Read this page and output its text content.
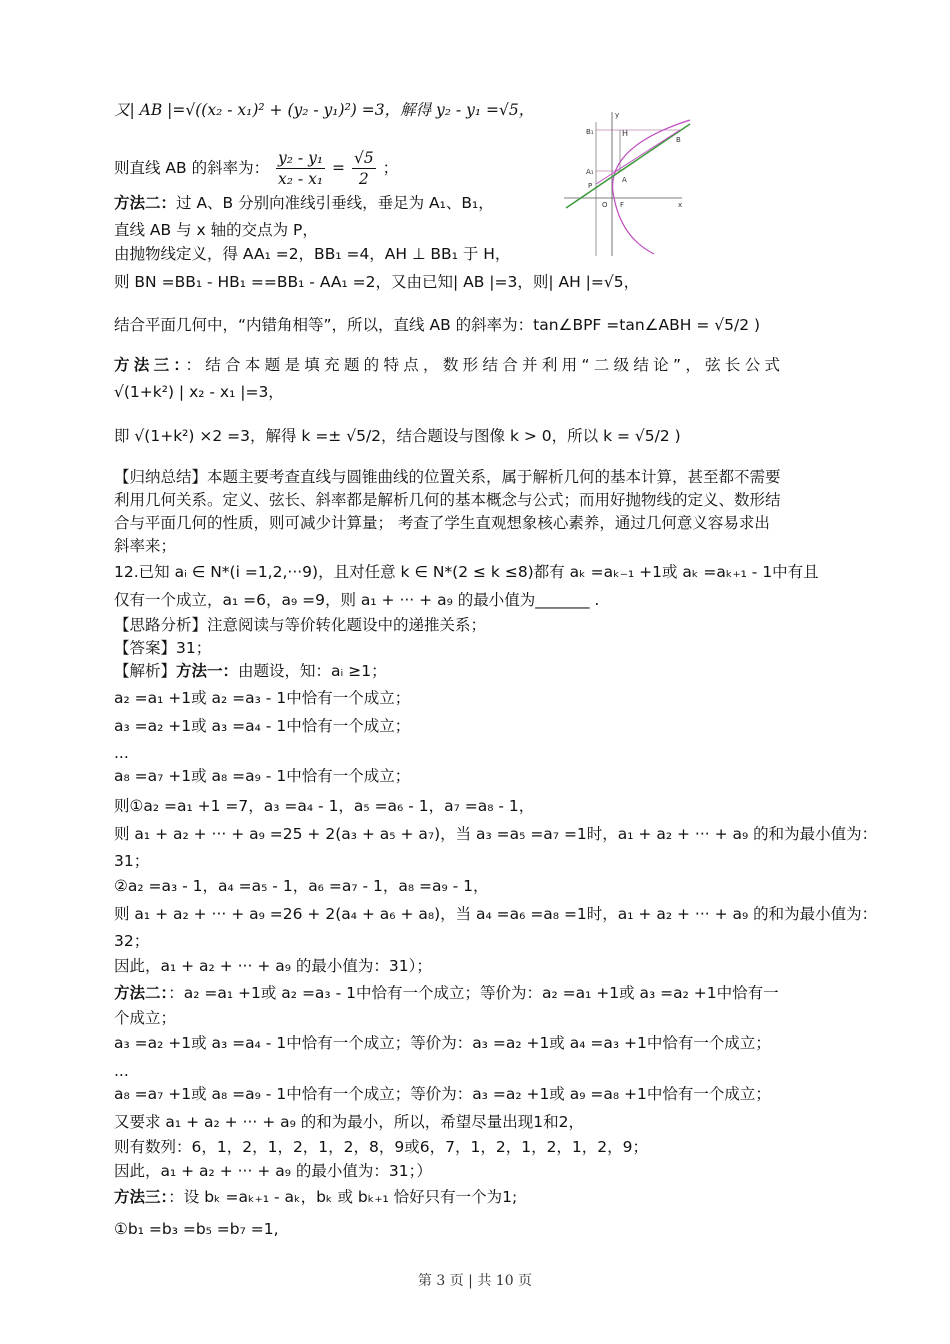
又| AB |=√((x₂ - x₁)² + (y₂ - y₁)²) =3，解得 y₂ - y₁ =√5，
则直线 AB 的斜率为： $\frac{\text{y₂ - y₁}}{\text{x₂ - x₁}} = \frac{√5}{2}$ ；
方法二：过 A、B 分别向准线引垂线，垂足为 A₁、B₁，
直线 AB 与 x 轴的交点为 P，
由抛物线定义，得 AA₁ =2，BB₁ =4，AH ⊥ BB₁ 于 H，
则 BN =BB₁ - HB₁ ==BB₁ - AA₁ =2，又由已知| AB |=3，则| AH |=√5，
结合平面几何中，“内错角相等”，所以，直线 AB 的斜率为：tan∠BPF =tan∠ABH = √5/2 )
方法三：：结合本题是填充题的特点，数形结合并利用“二级结论”，弦长公式
√(1+k²) | x₂ - x₁ |=3，
即 √(1+k²) ×2 =3，解得 k =± √5/2，结合题设与图像 k > 0，所以 k = √5/2 )
【归纳总结】本题主要考查直线与圆锥曲线的位置关系，属于解析几何的基本计算，甚至都不需要
利用几何关系。定义、弦长、斜率都是解析几何的基本概念与公式；而用好抛物线的定义、数形结
合与平面几何的性质，则可减少计算量； 考查了学生直观想象核心素养，通过几何意义容易求出
斜率来；
12.已知 aᵢ ∈ N*(i =1,2,···9)，且对任意 k ∈ N*(2 ≤ k ≤8)都有 aₖ =aₖ₋₁ +1或 aₖ =aₖ₊₁ - 1中有且
仅有一个成立，a₁ =6，a₉ =9，则 a₁ + ··· + a₉ 的最小值为_______ .
【思路分析】注意阅读与等价转化题设中的递推关系；
【答案】31；
【解析】方法一：由题设，知：aᵢ ≥1；
a₂ =a₁ +1或 a₂ =a₃ - 1中恰有一个成立；
a₃ =a₂ +1或 a₃ =a₄ - 1中恰有一个成立；
...
a₈ =a₇ +1或 a₈ =a₉ - 1中恰有一个成立；
则①a₂ =a₁ +1 =7，a₃ =a₄ - 1，a₅ =a₆ - 1，a₇ =a₈ - 1，
则 a₁ + a₂ + ··· + a₉ =25 + 2(a₃ + a₅ + a₇)，当 a₃ =a₅ =a₇ =1时，a₁ + a₂ + ··· + a₉ 的和为最小值为：
31；
②a₂ =a₃ - 1，a₄ =a₅ - 1，a₆ =a₇ - 1，a₈ =a₉ - 1，
则 a₁ + a₂ + ··· + a₉ =26 + 2(a₄ + a₆ + a₈)，当 a₄ =a₆ =a₈ =1时，a₁ + a₂ + ··· + a₉ 的和为最小值为：
32；
因此，a₁ + a₂ + ··· + a₉ 的最小值为：31）；
方法二：：a₂ =a₁ +1或 a₂ =a₃ - 1中恰有一个成立；等价为：a₂ =a₁ +1或 a₃ =a₂ +1中恰有一
个成立；
a₃ =a₂ +1或 a₃ =a₄ - 1中恰有一个成立；等价为：a₃ =a₂ +1或 a₄ =a₃ +1中恰有一个成立；
...
a₈ =a₇ +1或 a₈ =a₉ - 1中恰有一个成立；等价为：a₃ =a₂ +1或 a₉ =a₈ +1中恰有一个成立；
又要求 a₁ + a₂ + ··· + a₉ 的和为最小，所以，希望尽量出现1和2，
则有数列：6，1，2，1，2，1，2，8，9或6，7，1，2，1，2，1，2，9；
因此，a₁ + a₂ + ··· + a₉ 的最小值为：31；）
方法三：：设 bₖ =aₖ₊₁ - aₖ，bₖ 或 bₖ₊₁ 恰好只有一个为1;
①b₁ =b₃ =b₅ =b₇ =1,
B₁	H
A₁
P
A
B
O F	x
y
第 3 页 | 共 10 页
